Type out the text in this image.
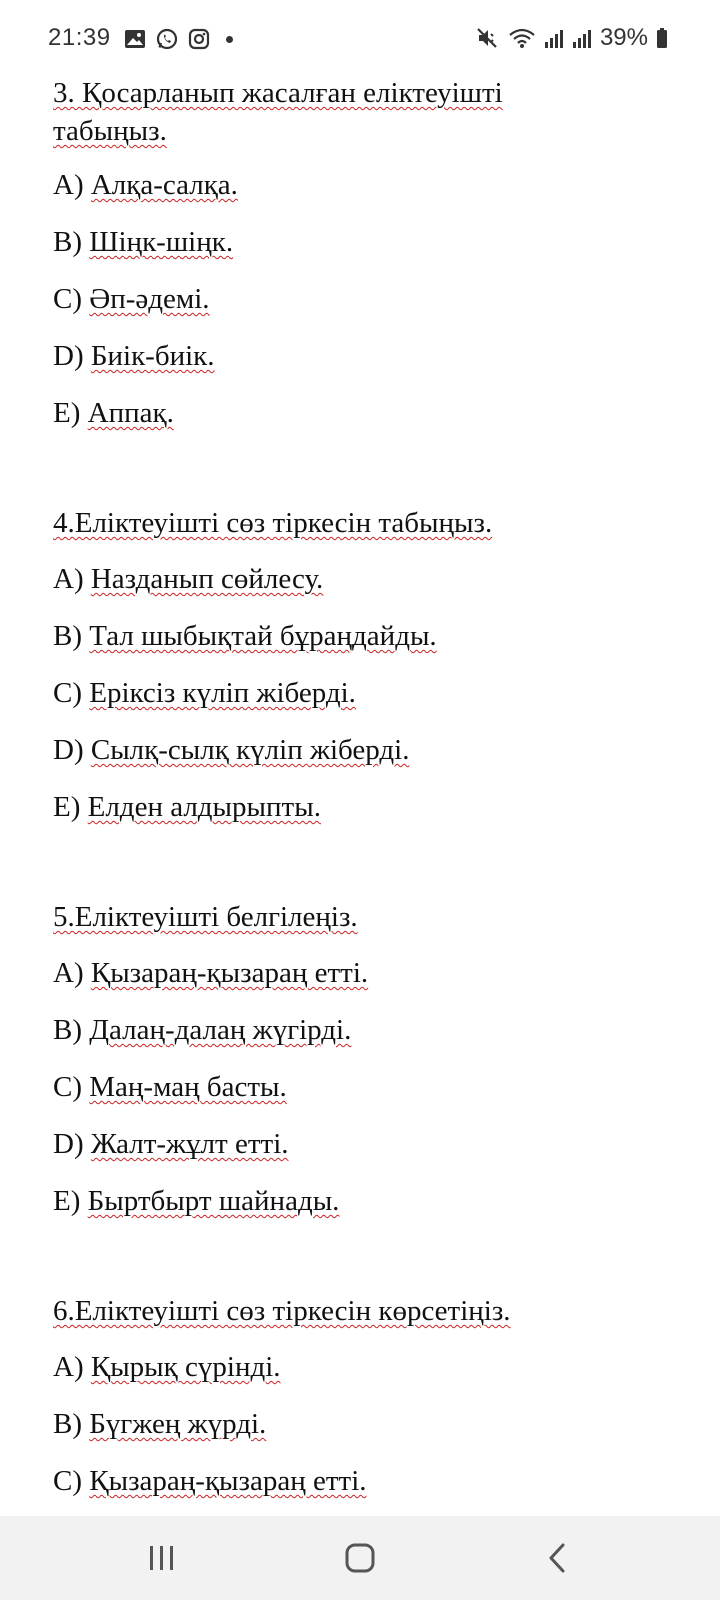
21:39	39%
3. Қосарланып жасалған еліктеуішті
табыңыз.
A) Алқа-салқа.
B) Шіңк-шіңк.
C) Әп-әдемі.
D) Биік-биік.
E) Аппақ.
4.Еліктеуішті сөз тіркесін табыңыз.
A) Назданып сөйлесу.
B) Тал шыбықтай бұраңдайды.
C) Еріксіз күліп жіберді.
D) Сылқ-сылқ күліп жіберді.
E) Елден алдырыпты.
5.Еліктеуішті белгілеңіз.
A) Қызараң-қызараң етті.
B) Далаң-далаң жүгірді.
C) Маң-маң басты.
D) Жалт-жұлт етті.
E) Быртбырт шайнады.
6.Еліктеуішті сөз тіркесін көрсетіңіз.
A) Қырық сүрінді.
B) Бүгжең жүрді.
C) Қызараң-қызараң етті.
